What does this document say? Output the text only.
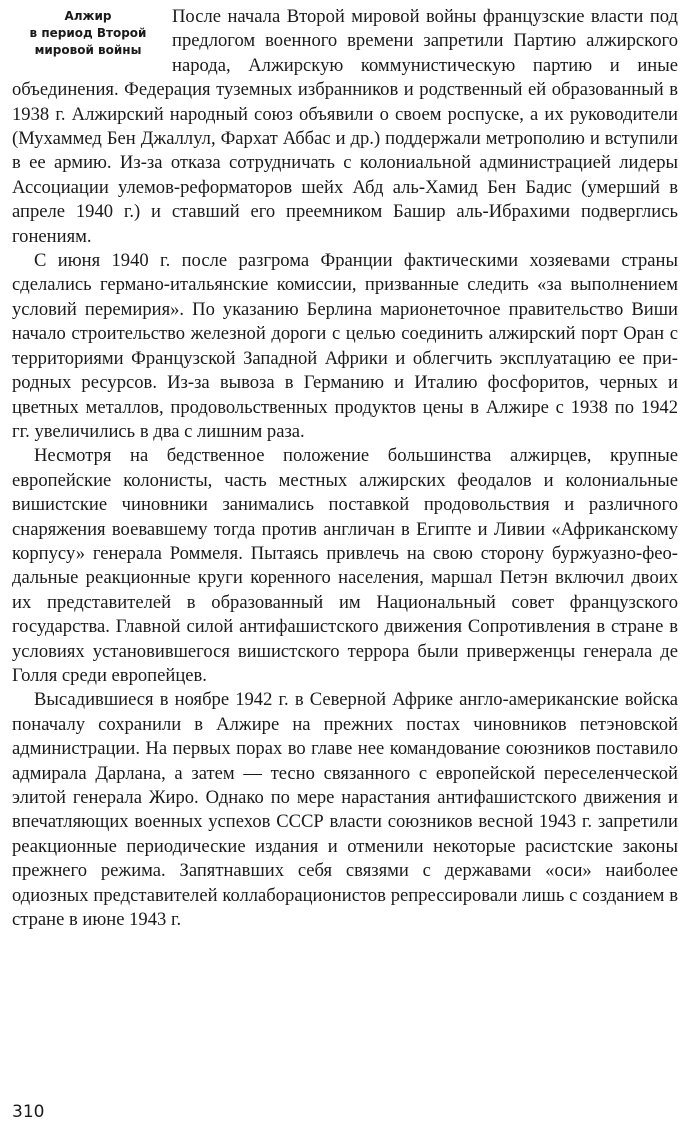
Алжир
в период Второй
мировой войны

После начала Второй мировой войны французские власти под предлогом военного времени запретили Партию алжирского народа, Алжирскую коммунистическую партию и иные объединения. Федерация туземных избранников и родственный ей образованный в 1938 г. Алжирский народный союз объявили о своем роспуске, а их руководители (Мухаммед Бен Джаллул, Фархат Аббас и др.) поддержали метрополию и вступили в ее армию. Из-за отказа сотрудничать с колониальной администрацией лидеры Ассоциации улемов-реформаторов шейх Абд аль-Хамид Бен Бадис (умерший в апреле 1940 г.) и ставший его преемником Башир аль-Ибрахими подверглись гонениям.

С июня 1940 г. после разгрома Франции фактическими хозяевами страны сделались германо-итальянские комиссии, призванные следить «за выполнением условий перемирия». По указанию Берлина марионеточное правительство Виши начало строительство железной дороги с целью соединить алжирский порт Оран с территориями Французской Западной Африки и облегчить эксплуатацию ее природных ресурсов. Из-за вывоза в Германию и Италию фосфоритов, черных и цветных металлов, продовольственных продуктов цены в Алжире с 1938 по 1942 гг. увеличились в два с лишним раза.

Несмотря на бедственное положение большинства алжирцев, крупные европейские колонисты, часть местных алжирских феодалов и колониальные вишистские чиновники занимались поставкой продовольствия и различного снаряжения воевавшему тогда против англичан в Египте и Ливии «Африканскому корпусу» генерала Роммеля. Пытаясь привлечь на свою сторону буржуазно-феодальные реакционные круги коренного населения, маршал Петэн включил двоих их представителей в образованный им Национальный совет французского государства. Главной силой антифашистского движения Сопротивления в стране в условиях установившегося вишистского террора были приверженцы генерала де Голля среди европейцев.

Высадившиеся в ноябре 1942 г. в Северной Африке англо-американские войска поначалу сохранили в Алжире на прежних постах чиновников петэновской администрации. На первых порах во главе нее командование союзников поставило адмирала Дарлана, а затем — тесно связанного с европейской переселенческой элитой генерала Жиро. Однако по мере нарастания антифашистского движения и впечатляющих военных успехов СССР власти союзников весной 1943 г. запретили реакционные периодические издания и отменили некоторые расистские законы прежнего режима. Запятнавших себя связями с державами «оси» наиболее одиозных представителей коллаборационистов репрессировали лишь с созданием в стране в июне 1943 г.

310
